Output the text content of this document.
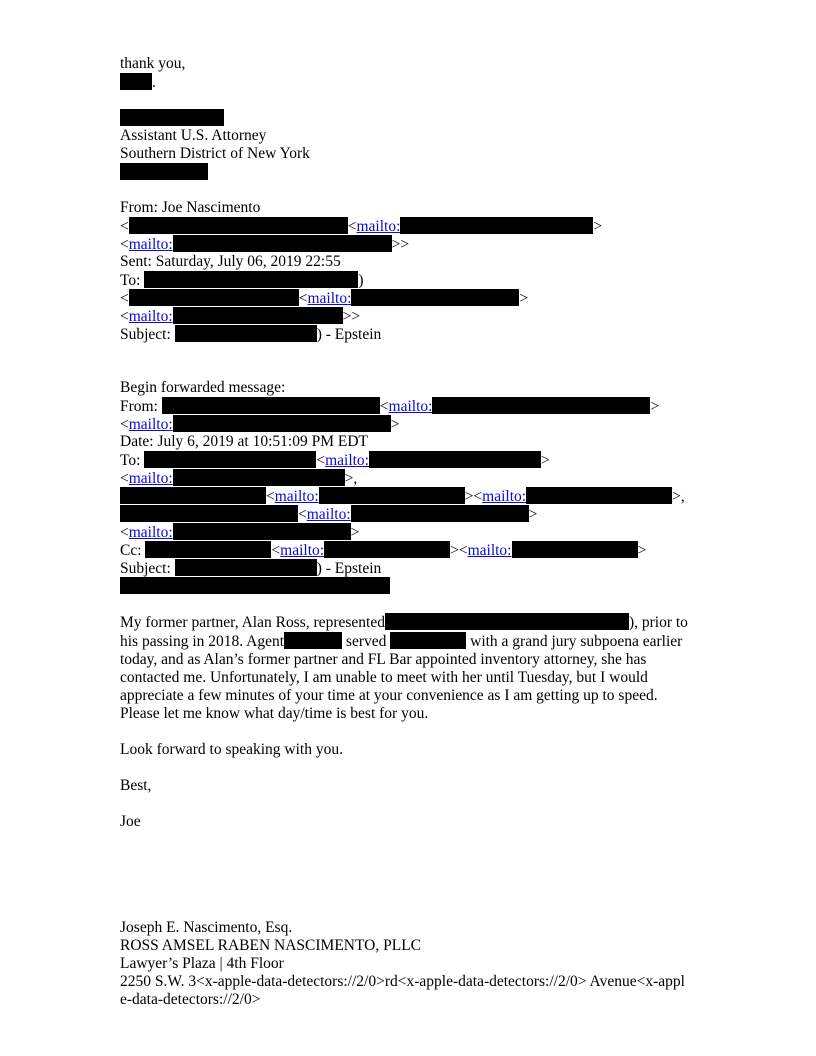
thank you,
.
Assistant U.S. Attorney
Southern District of New York
From: Joe Nascimento
<	<mailto:	>
<mailto:	>>
Sent: Saturday, July 06, 2019 22:55
To:	)
<	<mailto:	>
<mailto:	>>
Subject:	) - Epstein
Begin forwarded message:
From:	<mailto:	>
<mailto:	>
Date: July 6, 2019 at 10:51:09 PM EDT
To:	<mailto:	>
<mailto:	>,
<mailto:	><mailto:	>,
<mailto:	>
<mailto:	>
Cc:	<mailto:	><mailto:	>
Subject:	) - Epstein
My former partner, Alan Ross, represented	), prior to his passing in 2018. Agent	served	with a grand jury subpoena earlier today, and as Alan’s former partner and FL Bar appointed inventory attorney, she has contacted me. Unfortunately, I am unable to meet with her until Tuesday, but I would appreciate a few minutes of your time at your convenience as I am getting up to speed. Please let me know what day/time is best for you.
Look forward to speaking with you.
Best,
Joe
Joseph E. Nascimento, Esq.
ROSS AMSEL RABEN NASCIMENTO, PLLC
Lawyer’s Plaza | 4th Floor
2250 S.W. 3<x-apple-data-detectors://2/0>rd<x-apple-data-detectors://2/0> Avenue<x-apple-data-detectors://2/0>
